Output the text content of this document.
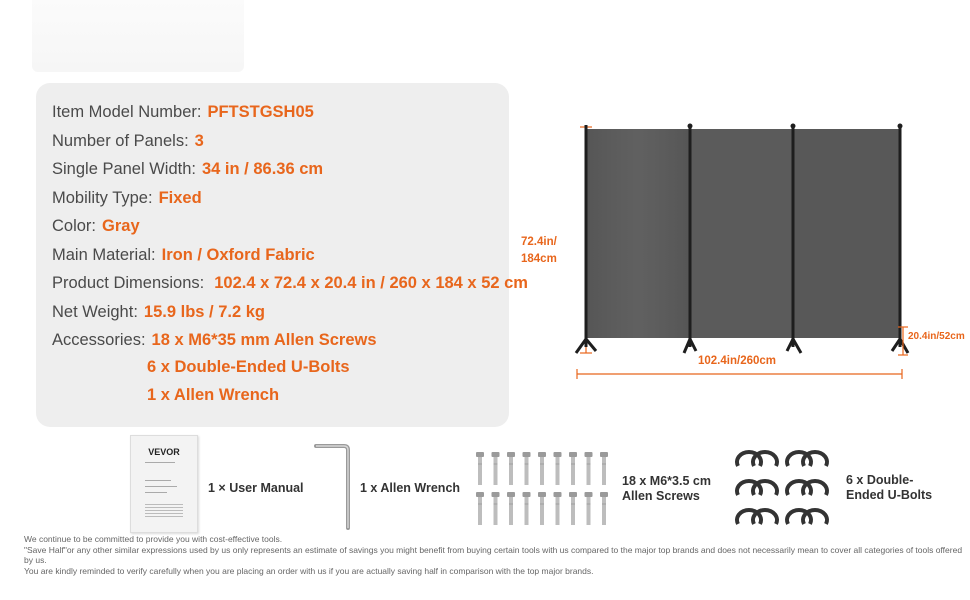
Item Model Number: PFTSTGSH05
Number of Panels: 3
Single Panel Width: 34 in / 86.36 cm
Mobility Type: Fixed
Color: Gray
Main Material: Iron / Oxford Fabric
Product Dimensions: 102.4 x 72.4 x 20.4 in / 260 x 184 x 52 cm
Net Weight: 15.9 lbs / 7.2 kg
Accessories: 18 x M6*35 mm Allen Screws
6 x Double-Ended U-Bolts
1 x Allen Wrench
72.4in/
184cm
102.4in/260cm
20.4in/52cm
VEVOR
1 × User Manual	1 x Allen Wrench	18 x M6*3.5 cm
Allen Screws
6 x Double-
Ended U-Bolts
We continue to be committed to provide you with cost-effective tools.
"Save Half"or any other similar expressions used by us only represents an estimate of savings you might benefit from buying certain tools with us compared to the major top brands and does not necessarily mean to cover all categories of tools offered by us.
You are kindly reminded to verify carefully when you are placing an order with us if you are actually saving half in comparison with the top major brands.
